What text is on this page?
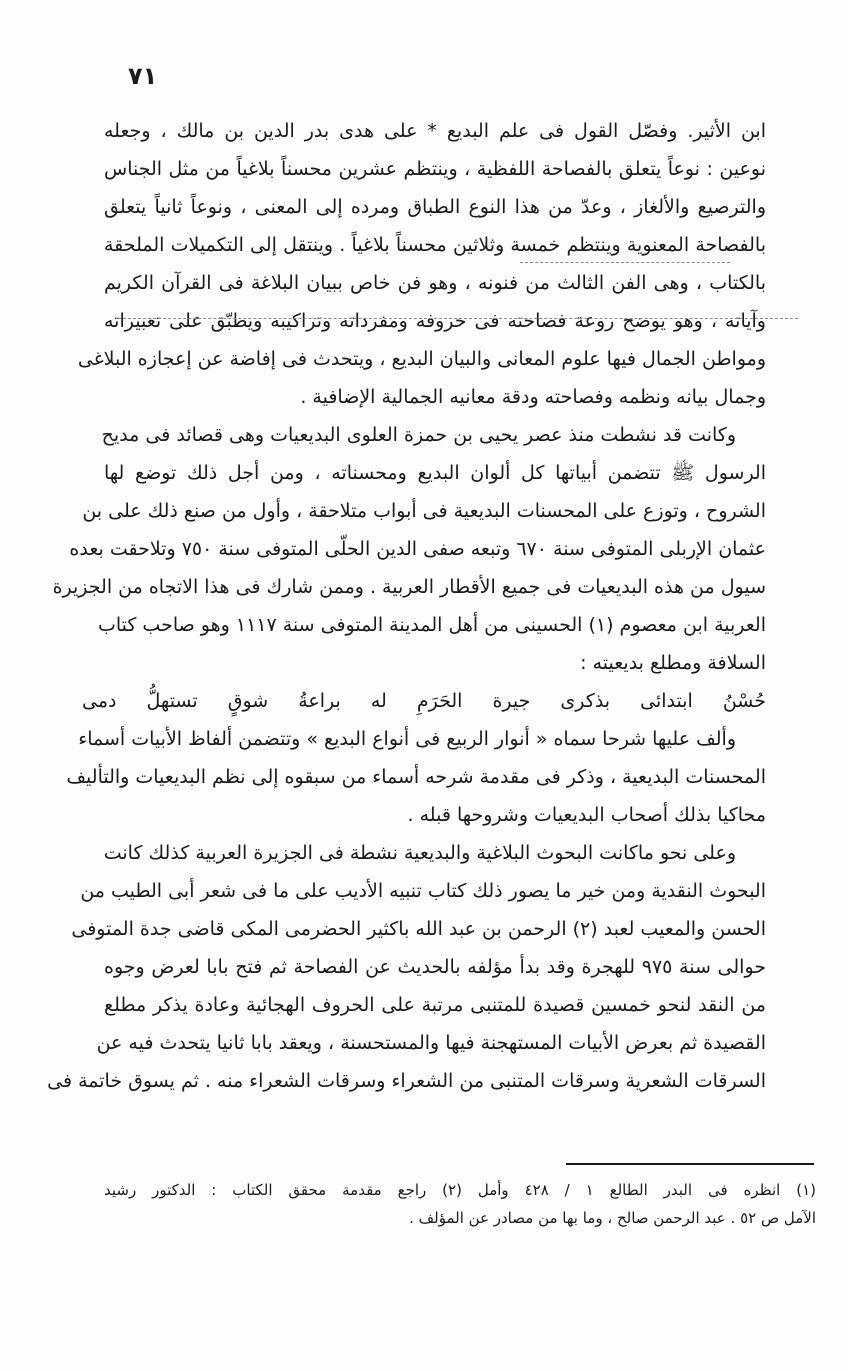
٧١
ابن الأثير. وفصّل القول فى علم البديع * على هدى بدر الدين بن مالك ، وجعله
نوعين : نوعاً يتعلق بالفصاحة اللفظية ، وينتظم عشرين محسناً بلاغياً من مثل الجناس
والترصيع والألغاز ، وعدّ من هذا النوع الطباق ومرده إلى المعنى ، ونوعاً ثانياً يتعلق
بالفصاحة المعنوية وينتظم خمسة وثلاثين محسناً بلاغياً . وينتقل إلى التكميلات الملحقة
بالكتاب ، وهى الفن الثالث من فنونه ، وهو فن خاص ببيان البلاغة فى القرآن الكريم
وآياته ، وهو يوضح روعة فصاحته فى حروفه ومفرداته وتراكيبه ويطبّق على تعبيراته
ومواطن الجمال فيها علوم المعانى والبيان البديع ، ويتحدث فى إفاضة عن إعجازه البلاغى
وجمال بيانه ونظمه وفصاحته ودقة معانيه الجمالية الإضافية .
وكانت قد نشطت منذ عصر يحيى بن حمزة العلوى البديعيات وهى قصائد فى مديح
الرسول ﷺ تتضمن أبياتها كل ألوان البديع ومحسناته ، ومن أجل ذلك توضع لها
الشروح ، وتوزع على المحسنات البديعية فى أبواب متلاحقة ، وأول من صنع ذلك على بن
عثمان الإربلى المتوفى سنة ٦٧٠ وتبعه صفى الدين الحلّى المتوفى سنة ٧٥٠ وتلاحقت بعده
سيول من هذه البديعيات فى جميع الأقطار العربية . وممن شارك فى هذا الاتجاه من الجزيرة
العربية ابن معصوم (١) الحسينى من أهل المدينة المتوفى سنة ١١١٧ وهو صاحب كتاب
السلافة ومطلع بديعيته :
حُسْنُ ابتدائى بذكرى جيرة الحَرَمِ له براعةُ شوقٍ تستهلُّ دمى
وألف عليها شرحا سماه « أنوار الربيع فى أنواع البديع » وتتضمن ألفاظ الأبيات أسماء
المحسنات البديعية ، وذكر فى مقدمة شرحه أسماء من سبقوه إلى نظم البديعيات والتأليف
محاكيا بذلك أصحاب البديعيات وشروحها قبله .
وعلى نحو ماكانت البحوث البلاغية والبديعية نشطة فى الجزيرة العربية كذلك كانت
البحوث النقدية ومن خير ما يصور ذلك كتاب تنبيه الأديب على ما فى شعر أبى الطيب من
الحسن والمعيب لعبد (٢) الرحمن بن عبد الله باكثير الحضرمى المكى قاضى جدة المتوفى
حوالى سنة ٩٧٥ للهجرة وقد بدأ مؤلفه بالحديث عن الفصاحة ثم فتح بابا لعرض وجوه
من النقد لنحو خمسين قصيدة للمتنبى مرتبة على الحروف الهجائية وعادة يذكر مطلع
القصيدة ثم بعرض الأبيات المستهجنة فيها والمستحسنة ، ويعقد بابا ثانيا يتحدث فيه عن
السرقات الشعرية وسرقات المتنبى من الشعراء وسرقات الشعراء منه . ثم يسوق خاتمة فى
(١) انظره فى البدر الطالع ١ / ٤٢٨ وأمل (٢) راجع مقدمة محقق الكتاب : الدكتور رشيد
الآمل ص ٥٢ . عبد الرحمن صالح ، وما بها من مصادر عن المؤلف .
